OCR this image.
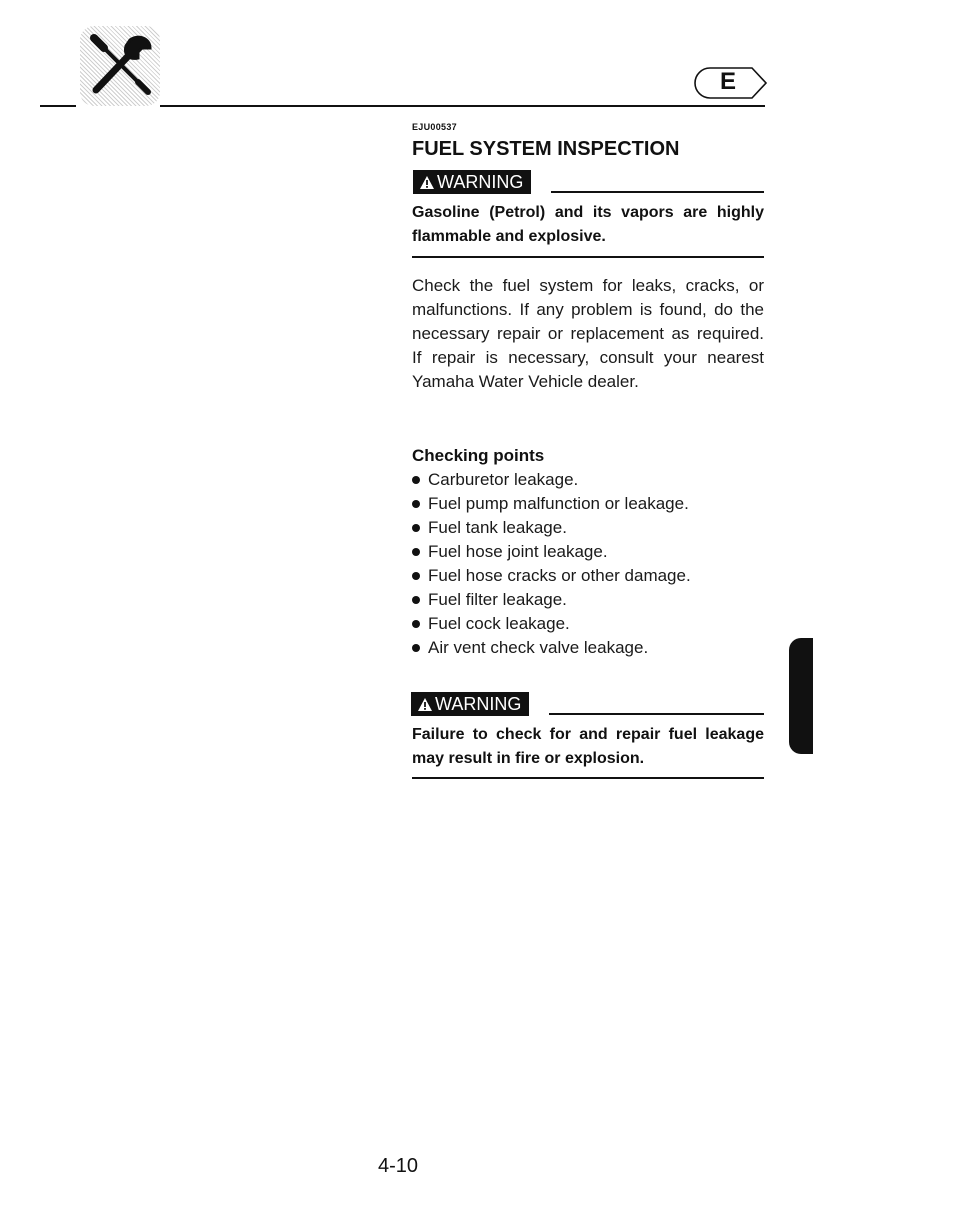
E
EJU00537
FUEL SYSTEM INSPECTION
WARNING

Gasoline (Petrol) and its vapors are highly flammable and explosive.

Check the fuel system for leaks, cracks, or malfunctions. If any problem is found, do the necessary repair or replacement as required. If repair is necessary, consult your nearest Yamaha Water Vehicle dealer.

Checking points
Carburetor leakage.
Fuel pump malfunction or leakage.
Fuel tank leakage.
Fuel hose joint leakage.
Fuel hose cracks or other damage.
Fuel filter leakage.
Fuel cock leakage.
Air vent check valve leakage.
WARNING

Failure to check for and repair fuel leakage may result in fire or explosion.

4-10
